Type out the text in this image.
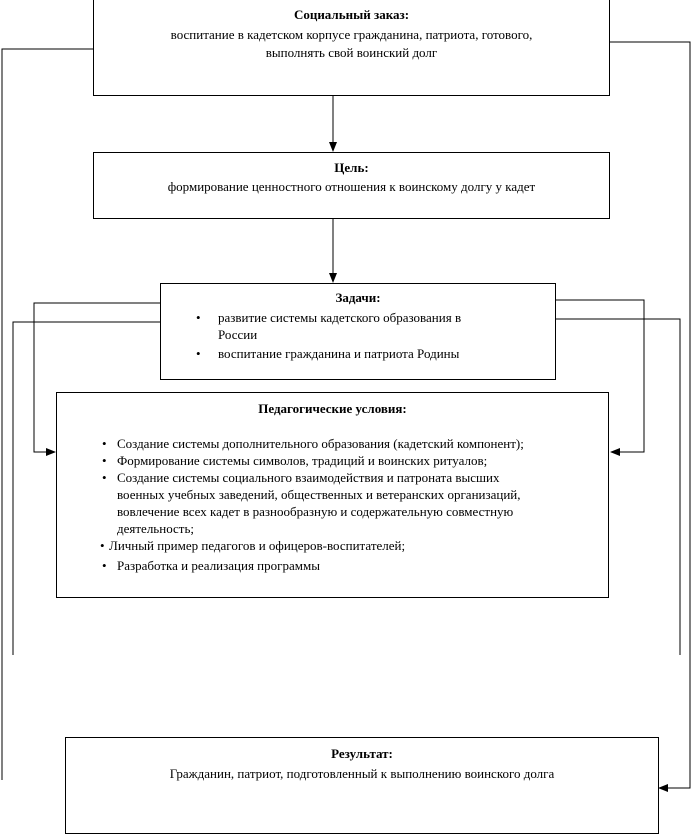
Социальный заказ:
воспитание в кадетском корпусе гражданина, патриота, готового,
выполнять свой воинский долг
Цель:
формирование ценностного отношения к воинскому долгу у кадет
Задачи:
• развитие системы кадетского образования в
России
• воспитание гражданина и патриота Родины
Педагогические условия:
• Создание системы дополнительного образования (кадетский компонент);
• Формирование системы символов, традиций и воинских ритуалов;
• Создание системы социального взаимодействия и патроната высших
военных учебных заведений, общественных и ветеранских организаций,
вовлечение всех кадет в разнообразную и содержательную совместную
деятельность;
• Личный пример педагогов и офицеров-воспитателей;
• Разработка и реализация программы
Результат:
Гражданин, патриот, подготовленный к выполнению воинского долга
